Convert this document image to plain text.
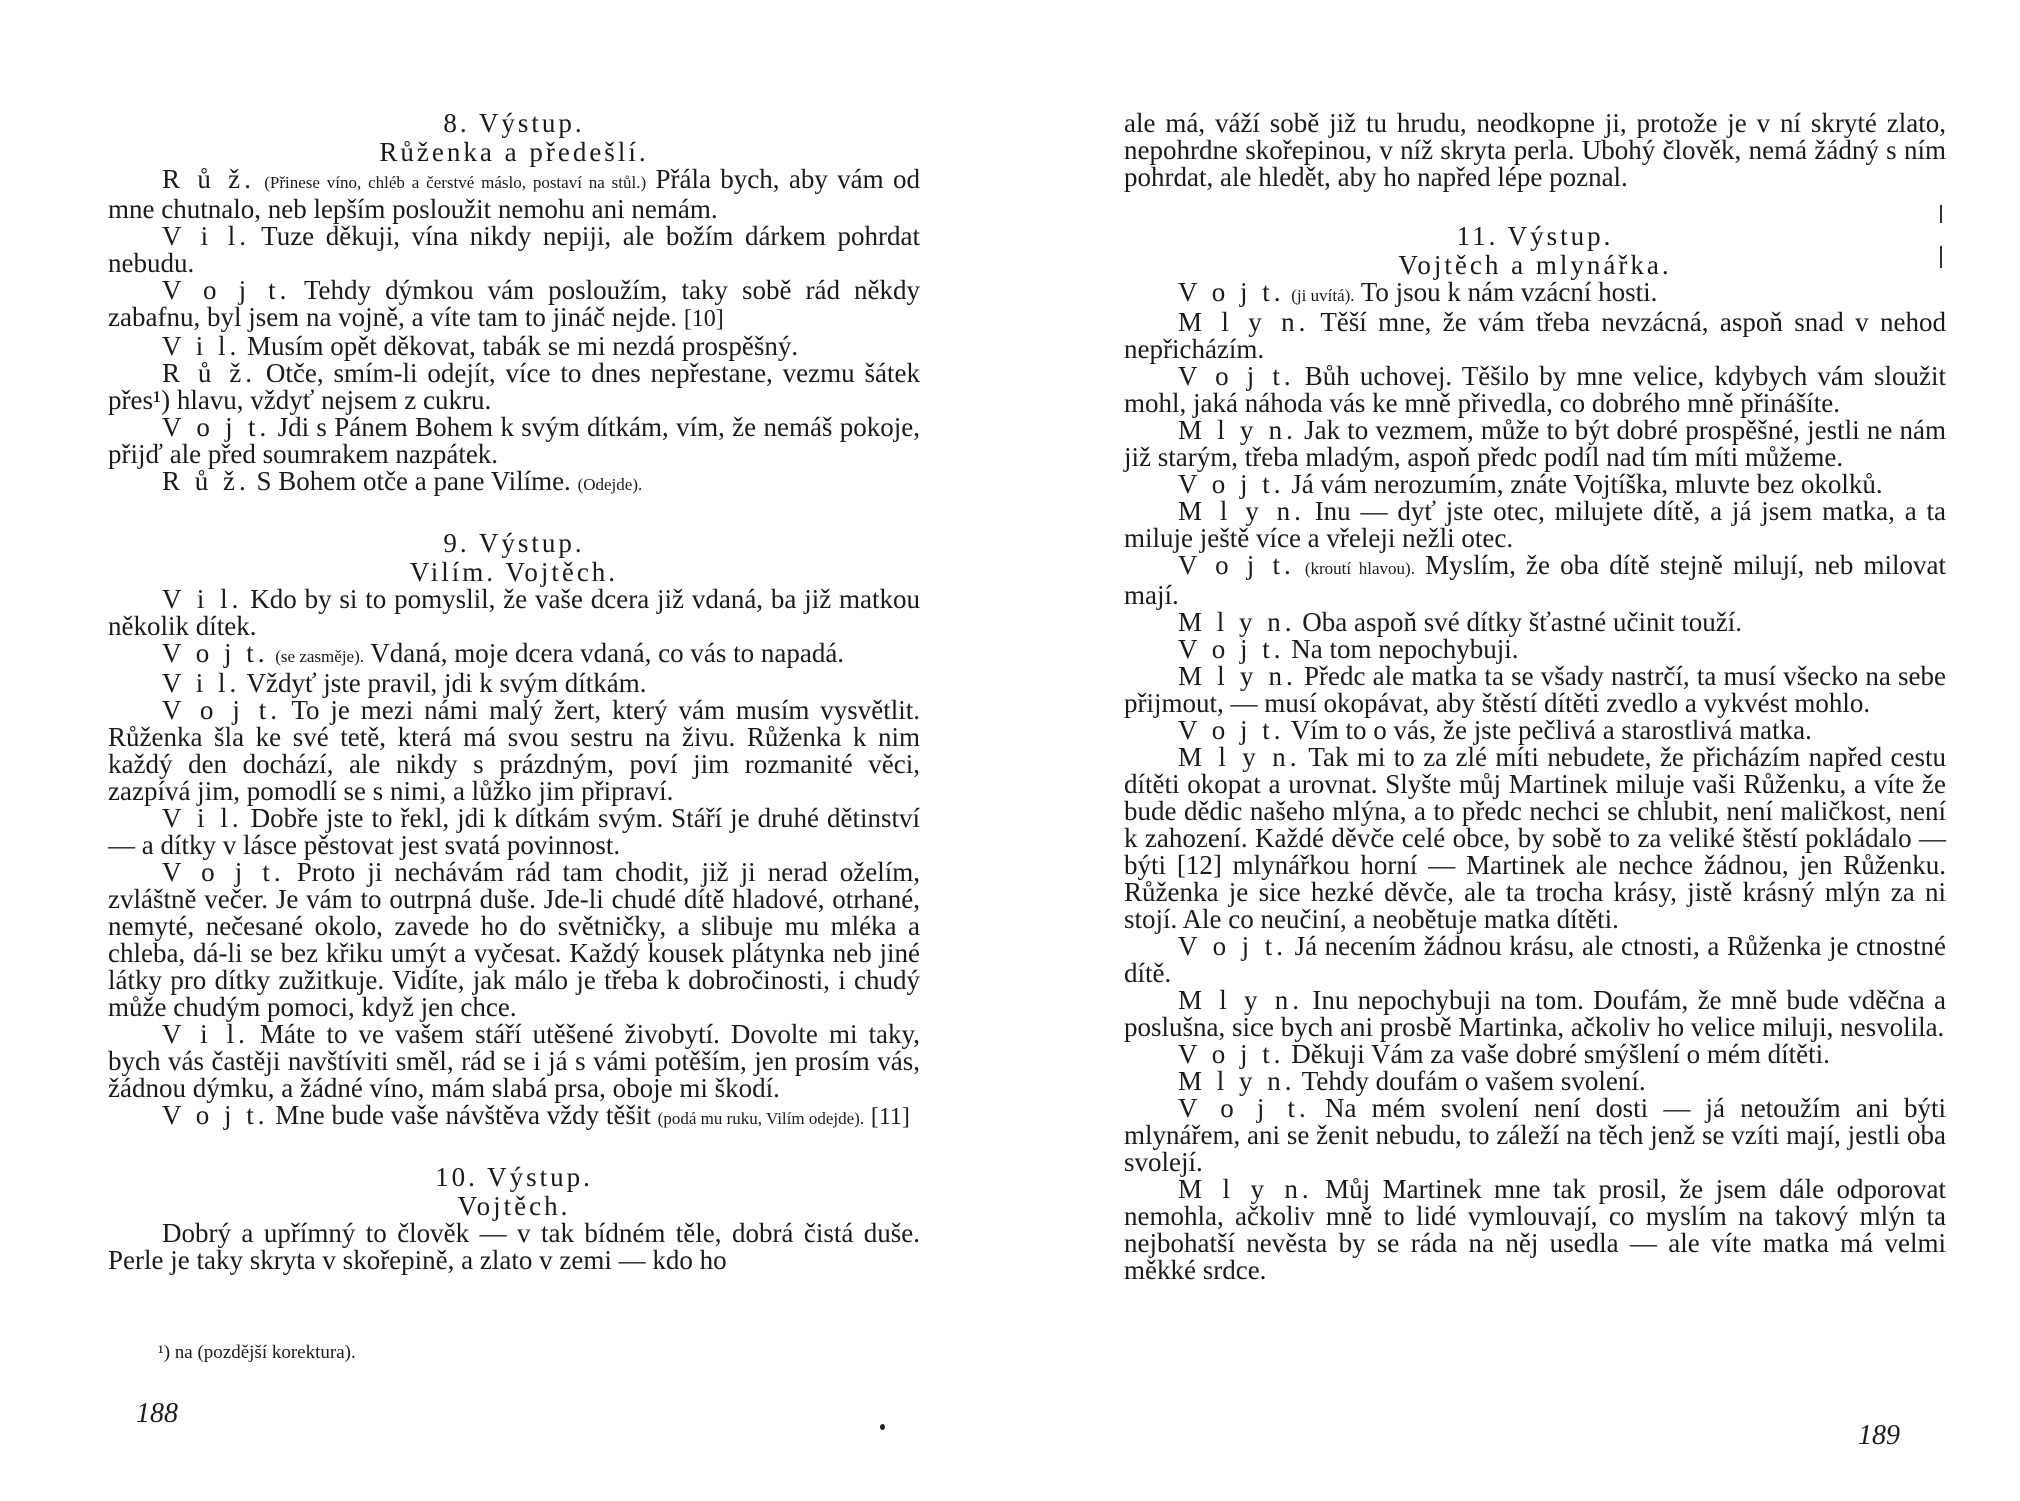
8. Výstup.
Růženka a předešlí.

R ů ž. (Přinese víno, chléb a čerstvé máslo, postaví na stůl.) Přála bych, aby vám od mne chutnalo, neb lepším posloužit nemohu ani nemám.

V i l. Tuze děkuji, vína nikdy nepiji, ale božím dárkem pohrdat nebudu.

V o j t. Tehdy dýmkou vám posloužím, taky sobě rád někdy zabafnu, byl jsem na vojně, a víte tam to jináč nejde. [10]

V i l. Musím opět děkovat, tabák se mi nezdá prospěšný.

R ů ž. Otče, smím-li odejít, více to dnes nepřestane, vezmu šátek přes¹) hlavu, vždyť nejsem z cukru.

V o j t. Jdi s Pánem Bohem k svým dítkám, vím, že nemáš pokoje, přijď ale před soumrakem nazpátek.

R ů ž. S Bohem otče a pane Vilíme. (Odejde).

9. Výstup.
Vilím. Vojtěch.

V i l. Kdo by si to pomyslil, že vaše dcera již vdaná, ba již matkou několik dítek.

V o j t. (se zasměje). Vdaná, moje dcera vdaná, co vás to napadá.

V i l. Vždyť jste pravil, jdi k svým dítkám.

V o j t. To je mezi námi malý žert, který vám musím vysvětlit. Růženka šla ke své tetě, která má svou sestru na živu. Růženka k nim každý den dochází, ale nikdy s prázdným, poví jim rozmanité věci, zazpívá jim, pomodlí se s nimi, a lůžko jim připraví.

V i l. Dobře jste to řekl, jdi k dítkám svým. Stáří je druhé dětinství — a dítky v lásce pěstovat jest svatá povinnost.

V o j t. Proto ji nechávám rád tam chodit, již ji nerad oželím, zvláštně večer. Je vám to outrpná duše. Jde-li chudé dítě hladové, otrhané, nemyté, nečesané okolo, zavede ho do světničky, a slibuje mu mléka a chleba, dá-li se bez křiku umýt a vyčesat. Každý kousek plátynka neb jiné látky pro dítky zužitkuje. Vidíte, jak málo je třeba k dobročinosti, i chudý může chudým pomoci, když jen chce.

V i l. Máte to ve vašem stáří utěšené živobytí. Dovolte mi taky, bych vás častěji navštíviti směl, rád se i já s vámi potěším, jen prosím vás, žádnou dýmku, a žádné víno, mám slabá prsa, oboje mi škodí.

V o j t. Mne bude vaše návštěva vždy těšit (podá mu ruku, Vilím odejde). [11]

10. Výstup.
Vojtěch.

Dobrý a upřímný to člověk — v tak bídném těle, dobrá čistá duše. Perle je taky skryta v skořepině, a zlato v zemi — kdo ho

¹) na (pozdější korektura).
188

ale má, váží sobě již tu hrudu, neodkopne ji, protože je v ní skryté zlato, nepohrdne skořepinou, v níž skryta perla. Ubohý člověk, nemá žádný s ním pohrdat, ale hledět, aby ho napřed lépe poznal.

11. Výstup.
Vojtěch a mlynářka.

V o j t. (ji uvítá). To jsou k nám vzácní hosti.

M l y n. Těší mne, že vám třeba nevzácná, aspoň snad v nehod nepřicházím.

V o j t. Bůh uchovej. Těšilo by mne velice, kdybych vám sloužit mohl, jaká náhoda vás ke mně přivedla, co dobrého mně přinášíte.

M l y n. Jak to vezmem, může to být dobré prospěšné, jestli ne nám již starým, třeba mladým, aspoň předc podíl nad tím míti můžeme.

V o j t. Já vám nerozumím, znáte Vojtíška, mluvte bez okolků.

M l y n. Inu — dyť jste otec, milujete dítě, a já jsem matka, a ta miluje ještě více a vřeleji nežli otec.

V o j t. (kroutí hlavou). Myslím, že oba dítě stejně milují, neb milovat mají.

M l y n. Oba aspoň své dítky šťastné učinit touží.

V o j t. Na tom nepochybuji.

M l y n. Předc ale matka ta se všady nastrčí, ta musí všecko na sebe přijmout, — musí okopávat, aby štěstí dítěti zvedlo a vykvést mohlo.

V o j t. Vím to o vás, že jste pečlivá a starostlivá matka.

M l y n. Tak mi to za zlé míti nebudete, že přicházím napřed cestu dítěti okopat a urovnat. Slyšte můj Martinek miluje vaši Růženku, a víte že bude dědic našeho mlýna, a to předc nechci se chlubit, není maličkost, není k zahození. Každé děvče celé obce, by sobě to za veliké štěstí pokládalo — býti [12] mlynářkou horní — Martinek ale nechce žádnou, jen Růženku. Růženka je sice hezké děvče, ale ta trocha krásy, jistě krásný mlýn za ni stojí. Ale co neučiní, a neobětuje matka dítěti.

V o j t. Já necením žádnou krásu, ale ctnosti, a Růženka je ctnostné dítě.

M l y n. Inu nepochybuji na tom. Doufám, že mně bude vděčna a poslušna, sice bych ani prosbě Martinka, ačkoliv ho velice miluji, nesvolila.

V o j t. Děkuji Vám za vaše dobré smýšlení o mém dítěti.

M l y n. Tehdy doufám o vašem svolení.

V o j t. Na mém svolení není dosti — já netoužím ani býti mlynářem, ani se ženit nebudu, to záleží na těch jenž se vzíti mají, jestli oba svolejí.

M l y n. Můj Martinek mne tak prosil, že jsem dále odporovat nemohla, ačkoliv mně to lidé vymlouvají, co myslím na takový mlýn ta nejbohatší nevěsta by se ráda na něj usedla — ale víte matka má velmi měkké srdce.

189
